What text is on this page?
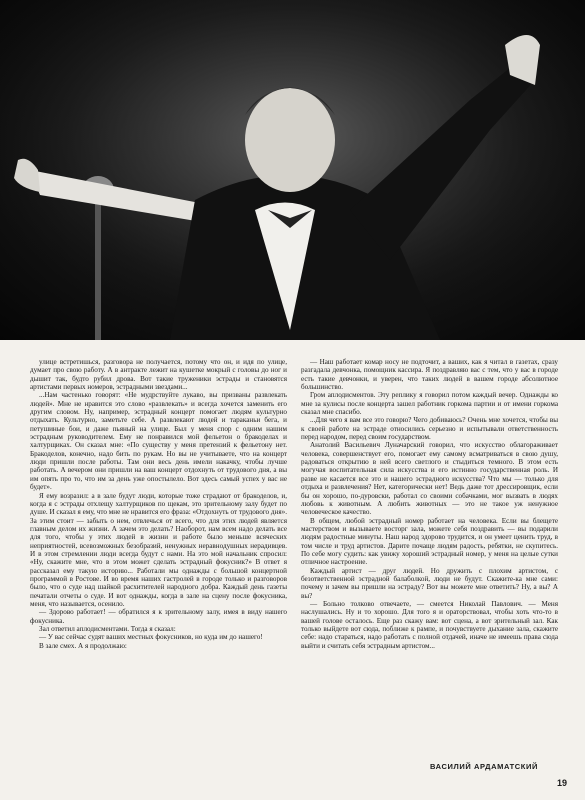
улице встретишься, разговора не получается, потому что он, и идя по улице, думает про свою работу. А в антракте лежит на кушетке мокрый с головы до ног и дышит так, будто рубил дрова. Вот такие труженики эстрады и становятся артистами первых номеров, эстрадными звездами...

...Нам частенько говорят: «Не мудрствуйте лукаво, вы призваны развлекать людей». Мне не нравится это слово «развлекать» и всегда хочется заменить его другим словом. Ну, например, эстрадный концерт помогает людям культурно отдыхать. Культурно, заметьте себе. А развлекают людей и тараканьи бега, и петушиные бои, и даже пьяный на улице. Был у меня спор с одним нашим эстрадным руководителем. Ему не понравился мой фельетон о бракоделах и халтурщиках. Он сказал мне: «По существу у меня претензий к фельетону нет. Бракоделов, конечно, надо бить по рукам. Но вы не учитываете, что на концерт люди пришли после работы. Там они весь день имели накачку, чтобы лучше работать. А вечером они пришли на ваш концерт отдохнуть от трудового дня, а вы им опять про то, что им за день уже опостылело. Вот здесь самый успех у вас не будет».

Я ему возразил: а в зале будут люди, которые тоже страдают от бракоделов, и, когда я с эстрады отхлещу халтурщиков по щекам, это зрительному залу будет по душе. И сказал я ему, что мне не нравится его фраза: «Отдохнуть от трудового дня». За этим стоит — забыть о нем, отвлечься от всего, что для этих людей является главным делом их жизни. А зачем это делать? Наоборот, нам всем надо делать все для того, чтобы у этих людей в жизни и работе было меньше всяческих неприятностей, всевозможных безобразий, ненужных неравнодушных нерадивцев. И в этом стремлении люди всегда будут с нами. На это мой начальник спросил: «Ну, скажите мне, что в этом может сделать эстрадный фокусник?» В ответ я рассказал ему такую историю... Работали мы однажды с большой концертной программой в Ростове. И во время наших гастролей в городе только и разговоров было, что о суде над шайкой расхитителей народного добра. Каждый день газеты печатали отчеты о суде. И вот однажды, когда в зале на сцену после фокусника, меня, что называется, осенило.

— Здорово работает! — обратился я к зрительному залу, имея в виду нашего фокусника.

Зал ответил аплодисментами. Тогда я сказал:

— У вас сейчас судят ваших местных фокусников, но куда им до нашего!

В зале смех. А я продолжаю:

— Наш работает комар носу не подточит, а ваших, как я читал в газетах, сразу разгадала девчонка, помощник кассира. Я поздравляю вас с тем, что у вас в городе есть такие девчонки, и уверен, что таких людей в вашем городе абсолютное большинство.

Гром аплодисментов. Эту реплику я говорил потом каждый вечер. Однажды ко мне за кулисы после концерта зашел работник горкома партии и от имени горкома сказал мне спасибо.

...Для чего я вам все это говорю? Чего добиваюсь? Очень мне хочется, чтобы вы к своей работе на эстраде относились серьезно и испытывали ответственность перед народом, перед своим государством.

Анатолий Васильевич Луначарский говорил, что искусство облагораживает человека, совершенствует его, помогает ему самому всматриваться в свою душу, радоваться открытию в ней всего светлого и стыдиться темного. В этом есть могучая воспитательная сила искусства и его истинно государственная роль. И разве не касается все это и нашего эстрадного искусства? Что мы — только для отдыха и развлечения? Нет, категорически нет! Ведь даже тот дрессировщик, если бы он хорошо, по-дуровски, работал со своими собачками, мог вызвать в людях любовь к животным. А любить животных — это не такое уж ненужное человеческое качество.

В общем, любой эстрадный номер работает на человека. Если вы блещете мастерством и вызываете восторг зала, можете себя поздравить — вы подарили людям радостные минуты. Наш народ здорово трудится, и он умеет ценить труд, в том числе и труд артистов. Дарите почаще людям радость, ребятки, не скупитесь. По себе могу судить: как увижу хороший эстрадный номер, у меня на целые сутки отличное настроение.

Каждый артист — друг людей. Но дружить с плохим артистом, с безответственной эстрадной балаболкой, люди не будут. Скажите-ка мне сами: почему и зачем вы пришли на эстраду? Вот вы можете мне ответить? Ну, а вы? А вы?

— Больно толково отвечаете, — смеется Николай Павлович. — Меня наслушались. Ну и то хорошо. Для того я и ораторствовал, чтобы хоть что-то в вашей голове осталось. Еще раз скажу вам: вот сцена, а вот зрительный зал. Как только выйдете вот сюда, поближе к рампе, и почувствуете дыхание зала, скажите себе: надо стараться, надо работать с полной отдачей, иначе не имеешь права сюда выйти и считать себя эстрадным артистом...

ВАСИЛИЙ АРДАМАТСКИЙ
19
